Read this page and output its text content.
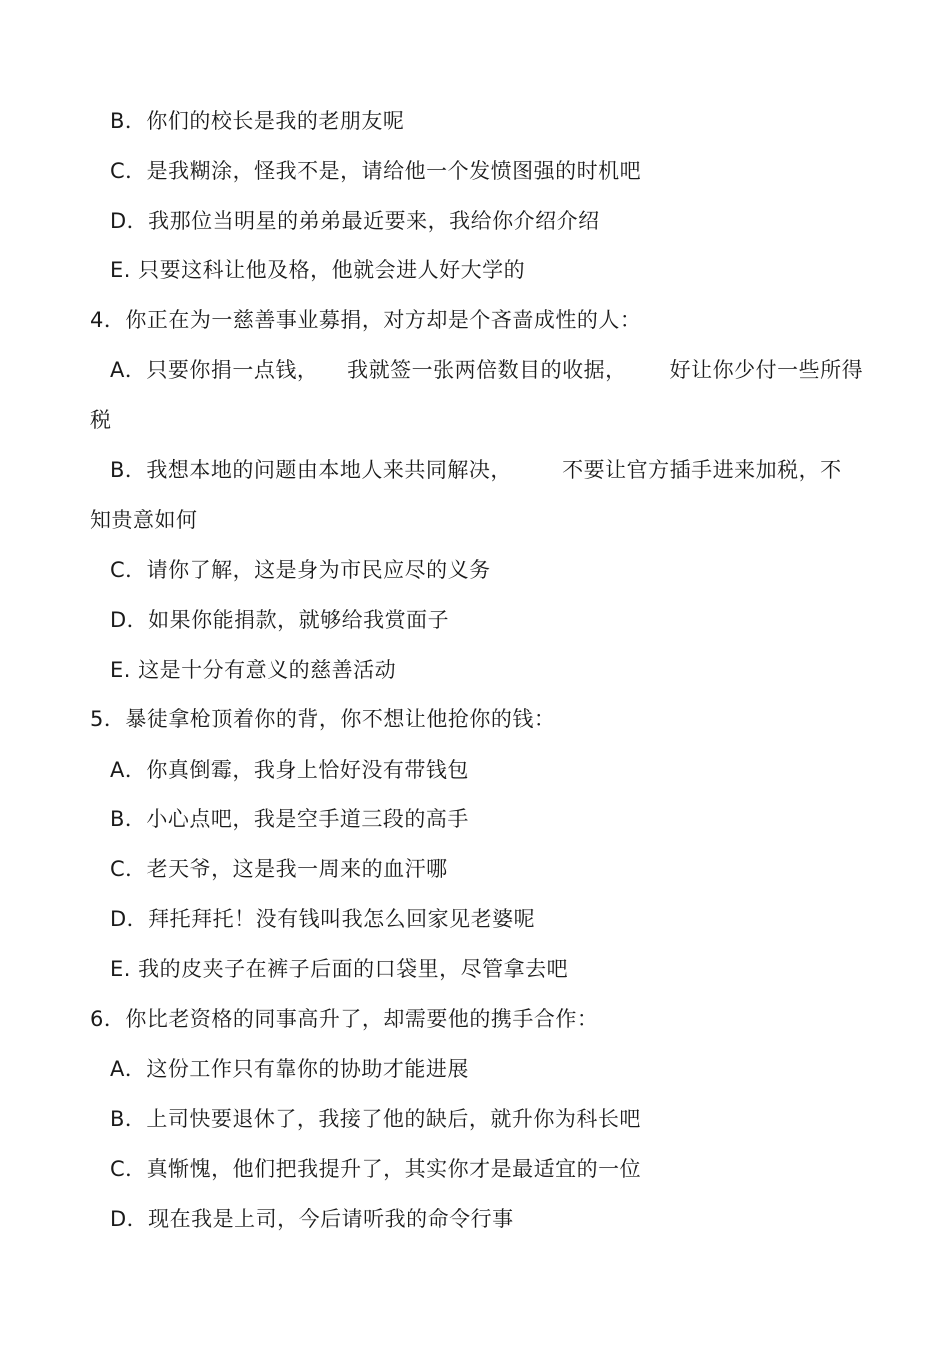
B．你们的校长是我的老朋友呢
C．是我糊涂，怪我不是，请给他一个发愤图强的时机吧
D．我那位当明星的弟弟最近要来，我给你介绍介绍
E. 只要这科让他及格，他就会进人好大学的
4．你正在为一慈善事业募捐，对方却是个吝啬成性的人：
A．只要你捐一点钱，    我就签一张两倍数目的收据，      好让你少付一些所得
税
B．我想本地的问题由本地人来共同解决，       不要让官方插手进来加税，不
知贵意如何
C．请你了解，这是身为市民应尽的义务
D．如果你能捐款，就够给我赏面子
E. 这是十分有意义的慈善活动
5．暴徒拿枪顶着你的背，你不想让他抢你的钱：
A．你真倒霉，我身上恰好没有带钱包
B．小心点吧，我是空手道三段的高手
C．老天爷，这是我一周来的血汗哪
D．拜托拜托！没有钱叫我怎么回家见老婆呢
E. 我的皮夹子在裤子后面的口袋里，尽管拿去吧
6．你比老资格的同事高升了，却需要他的携手合作：
A．这份工作只有靠你的协助才能进展
B．上司快要退休了，我接了他的缺后，就升你为科长吧
C．真惭愧，他们把我提升了，其实你才是最适宜的一位
D．现在我是上司，今后请听我的命令行事
